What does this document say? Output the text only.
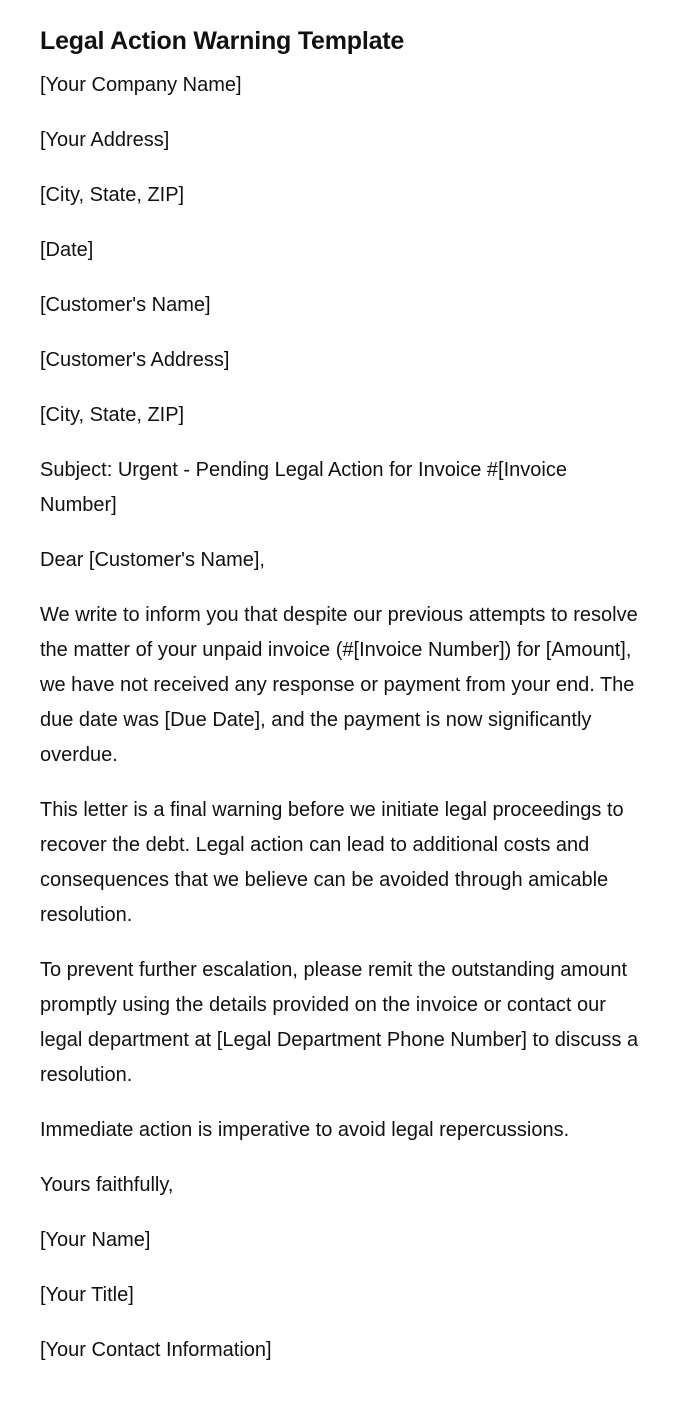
Legal Action Warning Template

[Your Company Name]

[Your Address]

[City, State, ZIP]

[Date]

[Customer's Name]

[Customer's Address]

[City, State, ZIP]

Subject: Urgent - Pending Legal Action for Invoice #[Invoice Number]

Dear [Customer's Name],

We write to inform you that despite our previous attempts to resolve the matter of your unpaid invoice (#[Invoice Number]) for [Amount], we have not received any response or payment from your end. The due date was [Due Date], and the payment is now significantly overdue.

This letter is a final warning before we initiate legal proceedings to recover the debt. Legal action can lead to additional costs and consequences that we believe can be avoided through amicable resolution.

To prevent further escalation, please remit the outstanding amount promptly using the details provided on the invoice or contact our legal department at [Legal Department Phone Number] to discuss a resolution.

Immediate action is imperative to avoid legal repercussions.

Yours faithfully,

[Your Name]

[Your Title]

[Your Contact Information]
